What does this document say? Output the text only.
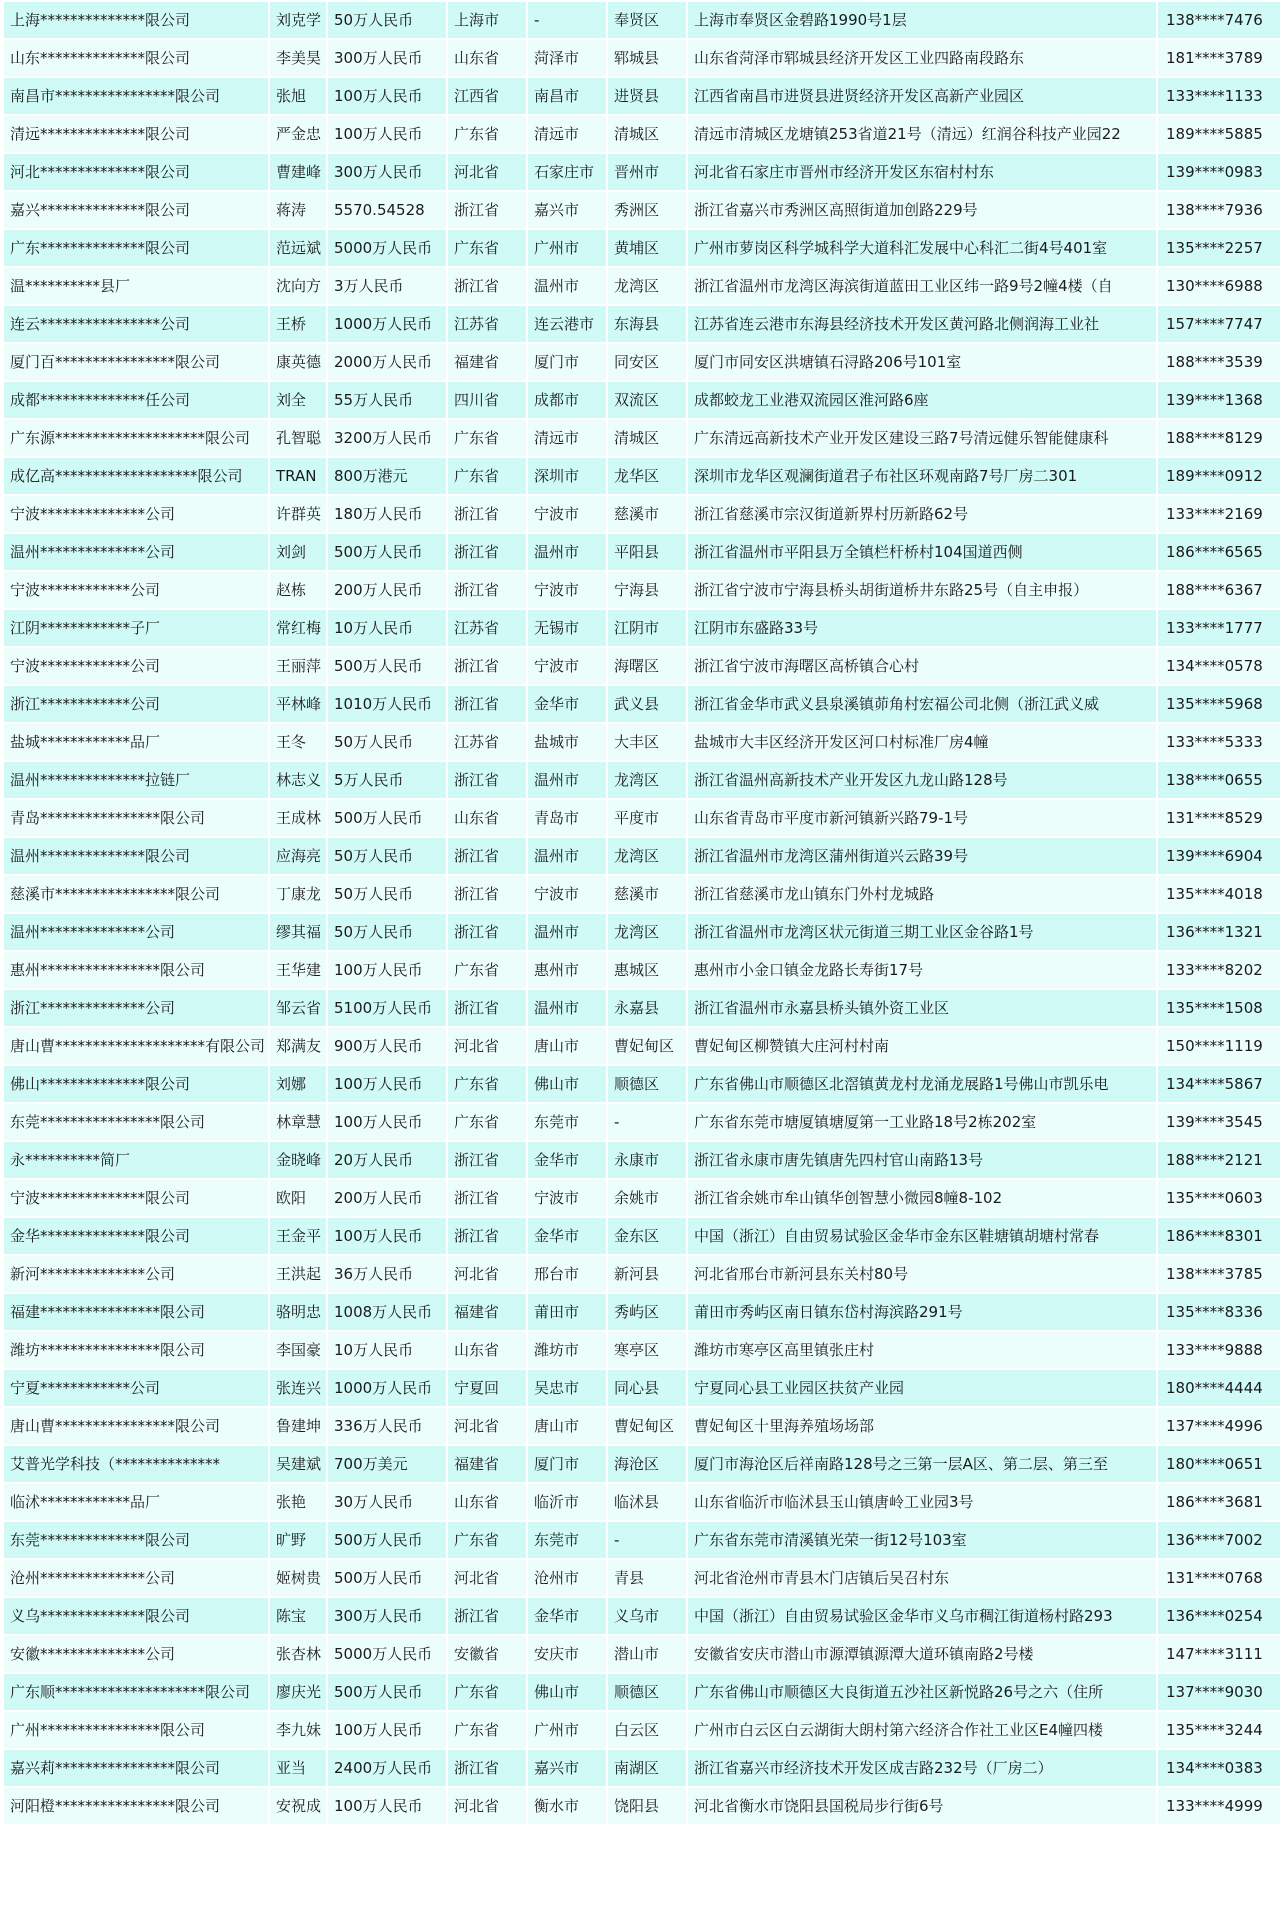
上海**************限公司	刘克学	50万人民币	上海市	-	奉贤区	上海市奉贤区金碧路1990号1层	138****7476
山东**************限公司	李美昊	300万人民币	山东省	菏泽市	郓城县	山东省菏泽市郓城县经济开发区工业四路南段路东	181****3789
南昌市****************限公司	张旭	100万人民币	江西省	南昌市	进贤县	江西省南昌市进贤县进贤经济开发区高新产业园区	133****1133
清远**************限公司	严金忠	100万人民币	广东省	清远市	清城区	清远市清城区龙塘镇253省道21号（清远）红润谷科技产业园22	189****5885
河北**************限公司	曹建峰	300万人民币	河北省	石家庄市	晋州市	河北省石家庄市晋州市经济开发区东宿村村东	139****0983
嘉兴**************限公司	蒋涛	5570.54528	浙江省	嘉兴市	秀洲区	浙江省嘉兴市秀洲区高照街道加创路229号	138****7936
广东**************限公司	范远斌	5000万人民币	广东省	广州市	黄埔区	广州市萝岗区科学城科学大道科汇发展中心科汇二街4号401室	135****2257
温**********县厂	沈向方	3万人民币	浙江省	温州市	龙湾区	浙江省温州市龙湾区海滨街道蓝田工业区纬一路9号2幢4楼（自	130****6988
连云****************公司	王桥	1000万人民币	江苏省	连云港市	东海县	江苏省连云港市东海县经济技术开发区黄河路北侧润海工业社	157****7747
厦门百****************限公司	康英德	2000万人民币	福建省	厦门市	同安区	厦门市同安区洪塘镇石浔路206号101室	188****3539
成都**************任公司	刘全	55万人民币	四川省	成都市	双流区	成都蛟龙工业港双流园区淮河路6座	139****1368
广东源********************限公司	孔智聪	3200万人民币	广东省	清远市	清城区	广东清远高新技术产业开发区建设三路7号清远健乐智能健康科	188****8129
成亿高*******************限公司	TRAN	800万港元	广东省	深圳市	龙华区	深圳市龙华区观澜街道君子布社区环观南路7号厂房二301	189****0912
宁波**************公司	许群英	180万人民币	浙江省	宁波市	慈溪市	浙江省慈溪市宗汉街道新界村历新路62号	133****2169
温州**************公司	刘剑	500万人民币	浙江省	温州市	平阳县	浙江省温州市平阳县万全镇栏杆桥村104国道西侧	186****6565
宁波************公司	赵栋	200万人民币	浙江省	宁波市	宁海县	浙江省宁波市宁海县桥头胡街道桥井东路25号（自主申报）	188****6367
江阴************子厂	常红梅	10万人民币	江苏省	无锡市	江阴市	江阴市东盛路33号	133****1777
宁波************公司	王丽萍	500万人民币	浙江省	宁波市	海曙区	浙江省宁波市海曙区高桥镇合心村	134****0578
浙江************公司	平林峰	1010万人民币	浙江省	金华市	武义县	浙江省金华市武义县泉溪镇茆角村宏福公司北侧（浙江武义威	135****5968
盐城************品厂	王冬	50万人民币	江苏省	盐城市	大丰区	盐城市大丰区经济开发区河口村标准厂房4幢	133****5333
温州**************拉链厂	林志义	5万人民币	浙江省	温州市	龙湾区	浙江省温州高新技术产业开发区九龙山路128号	138****0655
青岛****************限公司	王成林	500万人民币	山东省	青岛市	平度市	山东省青岛市平度市新河镇新兴路79-1号	131****8529
温州**************限公司	应海亮	50万人民币	浙江省	温州市	龙湾区	浙江省温州市龙湾区蒲州街道兴云路39号	139****6904
慈溪市****************限公司	丁康龙	50万人民币	浙江省	宁波市	慈溪市	浙江省慈溪市龙山镇东门外村龙城路	135****4018
温州**************公司	缪其福	50万人民币	浙江省	温州市	龙湾区	浙江省温州市龙湾区状元街道三期工业区金谷路1号	136****1321
惠州****************限公司	王华建	100万人民币	广东省	惠州市	惠城区	惠州市小金口镇金龙路长寿街17号	133****8202
浙江**************公司	邹云省	5100万人民币	浙江省	温州市	永嘉县	浙江省温州市永嘉县桥头镇外资工业区	135****1508
唐山曹********************有限公司	郑满友	900万人民币	河北省	唐山市	曹妃甸区	曹妃甸区柳赞镇大庄河村村南	150****1119
佛山**************限公司	刘娜	100万人民币	广东省	佛山市	顺德区	广东省佛山市顺德区北滘镇黄龙村龙涌龙展路1号佛山市凯乐电	134****5867
东莞****************限公司	林章慧	100万人民币	广东省	东莞市	-	广东省东莞市塘厦镇塘厦第一工业路18号2栋202室	139****3545
永**********简厂	金晓峰	20万人民币	浙江省	金华市	永康市	浙江省永康市唐先镇唐先四村官山南路13号	188****2121
宁波**************限公司	欧阳	200万人民币	浙江省	宁波市	余姚市	浙江省余姚市牟山镇华创智慧小微园8幢8-102	135****0603
金华**************限公司	王金平	100万人民币	浙江省	金华市	金东区	中国（浙江）自由贸易试验区金华市金东区鞋塘镇胡塘村常春	186****8301
新河**************公司	王洪起	36万人民币	河北省	邢台市	新河县	河北省邢台市新河县东关村80号	138****3785
福建****************限公司	骆明忠	1008万人民币	福建省	莆田市	秀屿区	莆田市秀屿区南日镇东岱村海滨路291号	135****8336
潍坊****************限公司	李国豪	10万人民币	山东省	潍坊市	寒亭区	潍坊市寒亭区高里镇张庄村	133****9888
宁夏************公司	张连兴	1000万人民币	宁夏回	吴忠市	同心县	宁夏同心县工业园区扶贫产业园	180****4444
唐山曹****************限公司	鲁建坤	336万人民币	河北省	唐山市	曹妃甸区	曹妃甸区十里海养殖场场部	137****4996
艾普光学科技（**************	吴建斌	700万美元	福建省	厦门市	海沧区	厦门市海沧区后祥南路128号之三第一层A区、第二层、第三至	180****0651
临沭************品厂	张艳	30万人民币	山东省	临沂市	临沭县	山东省临沂市临沭县玉山镇唐岭工业园3号	186****3681
东莞**************限公司	旷野	500万人民币	广东省	东莞市	-	广东省东莞市清溪镇光荣一街12号103室	136****7002
沧州**************公司	姬树贵	500万人民币	河北省	沧州市	青县	河北省沧州市青县木门店镇后吴召村东	131****0768
义乌**************限公司	陈宝	300万人民币	浙江省	金华市	义乌市	中国（浙江）自由贸易试验区金华市义乌市稠江街道杨村路293	136****0254
安徽**************公司	张杏林	5000万人民币	安徽省	安庆市	潜山市	安徽省安庆市潜山市源潭镇源潭大道环镇南路2号楼	147****3111
广东顺********************限公司	廖庆光	500万人民币	广东省	佛山市	顺德区	广东省佛山市顺德区大良街道五沙社区新悦路26号之六（住所	137****9030
广州****************限公司	李九妹	100万人民币	广东省	广州市	白云区	广州市白云区白云湖街大朗村第六经济合作社工业区E4幢四楼	135****3244
嘉兴莉****************限公司	亚当	2400万人民币	浙江省	嘉兴市	南湖区	浙江省嘉兴市经济技术开发区成吉路232号（厂房二）	134****0383
河阳橙****************限公司	安祝成	100万人民币	河北省	衡水市	饶阳县	河北省衡水市饶阳县国税局步行街6号	133****4999
